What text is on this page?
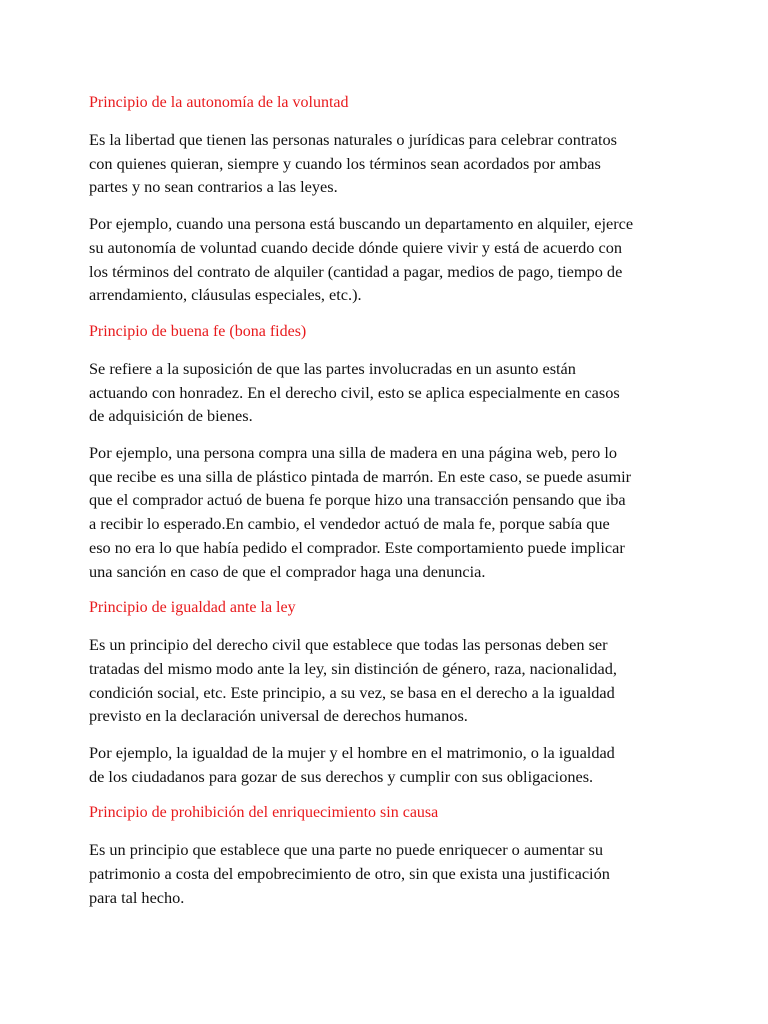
Principio de la autonomía de la voluntad
Es la libertad que tienen las personas naturales o jurídicas para celebrar contratos
con quienes quieran, siempre y cuando los términos sean acordados por ambas
partes y no sean contrarios a las leyes.
Por ejemplo, cuando una persona está buscando un departamento en alquiler, ejerce
su autonomía de voluntad cuando decide dónde quiere vivir y está de acuerdo con
los términos del contrato de alquiler (cantidad a pagar, medios de pago, tiempo de
arrendamiento, cláusulas especiales, etc.).
Principio de buena fe (bona fides)
Se refiere a la suposición de que las partes involucradas en un asunto están
actuando con honradez. En el derecho civil, esto se aplica especialmente en casos
de adquisición de bienes.
Por ejemplo, una persona compra una silla de madera en una página web, pero lo
que recibe es una silla de plástico pintada de marrón. En este caso, se puede asumir
que el comprador actuó de buena fe porque hizo una transacción pensando que iba
a recibir lo esperado.En cambio, el vendedor actuó de mala fe, porque sabía que
eso no era lo que había pedido el comprador. Este comportamiento puede implicar
una sanción en caso de que el comprador haga una denuncia.
Principio de igualdad ante la ley
Es un principio del derecho civil que establece que todas las personas deben ser
tratadas del mismo modo ante la ley, sin distinción de género, raza, nacionalidad,
condición social, etc. Este principio, a su vez, se basa en el derecho a la igualdad
previsto en la declaración universal de derechos humanos.
Por ejemplo, la igualdad de la mujer y el hombre en el matrimonio, o la igualdad
de los ciudadanos para gozar de sus derechos y cumplir con sus obligaciones.
Principio de prohibición del enriquecimiento sin causa
Es un principio que establece que una parte no puede enriquecer o aumentar su
patrimonio a costa del empobrecimiento de otro, sin que exista una justificación
para tal hecho.
